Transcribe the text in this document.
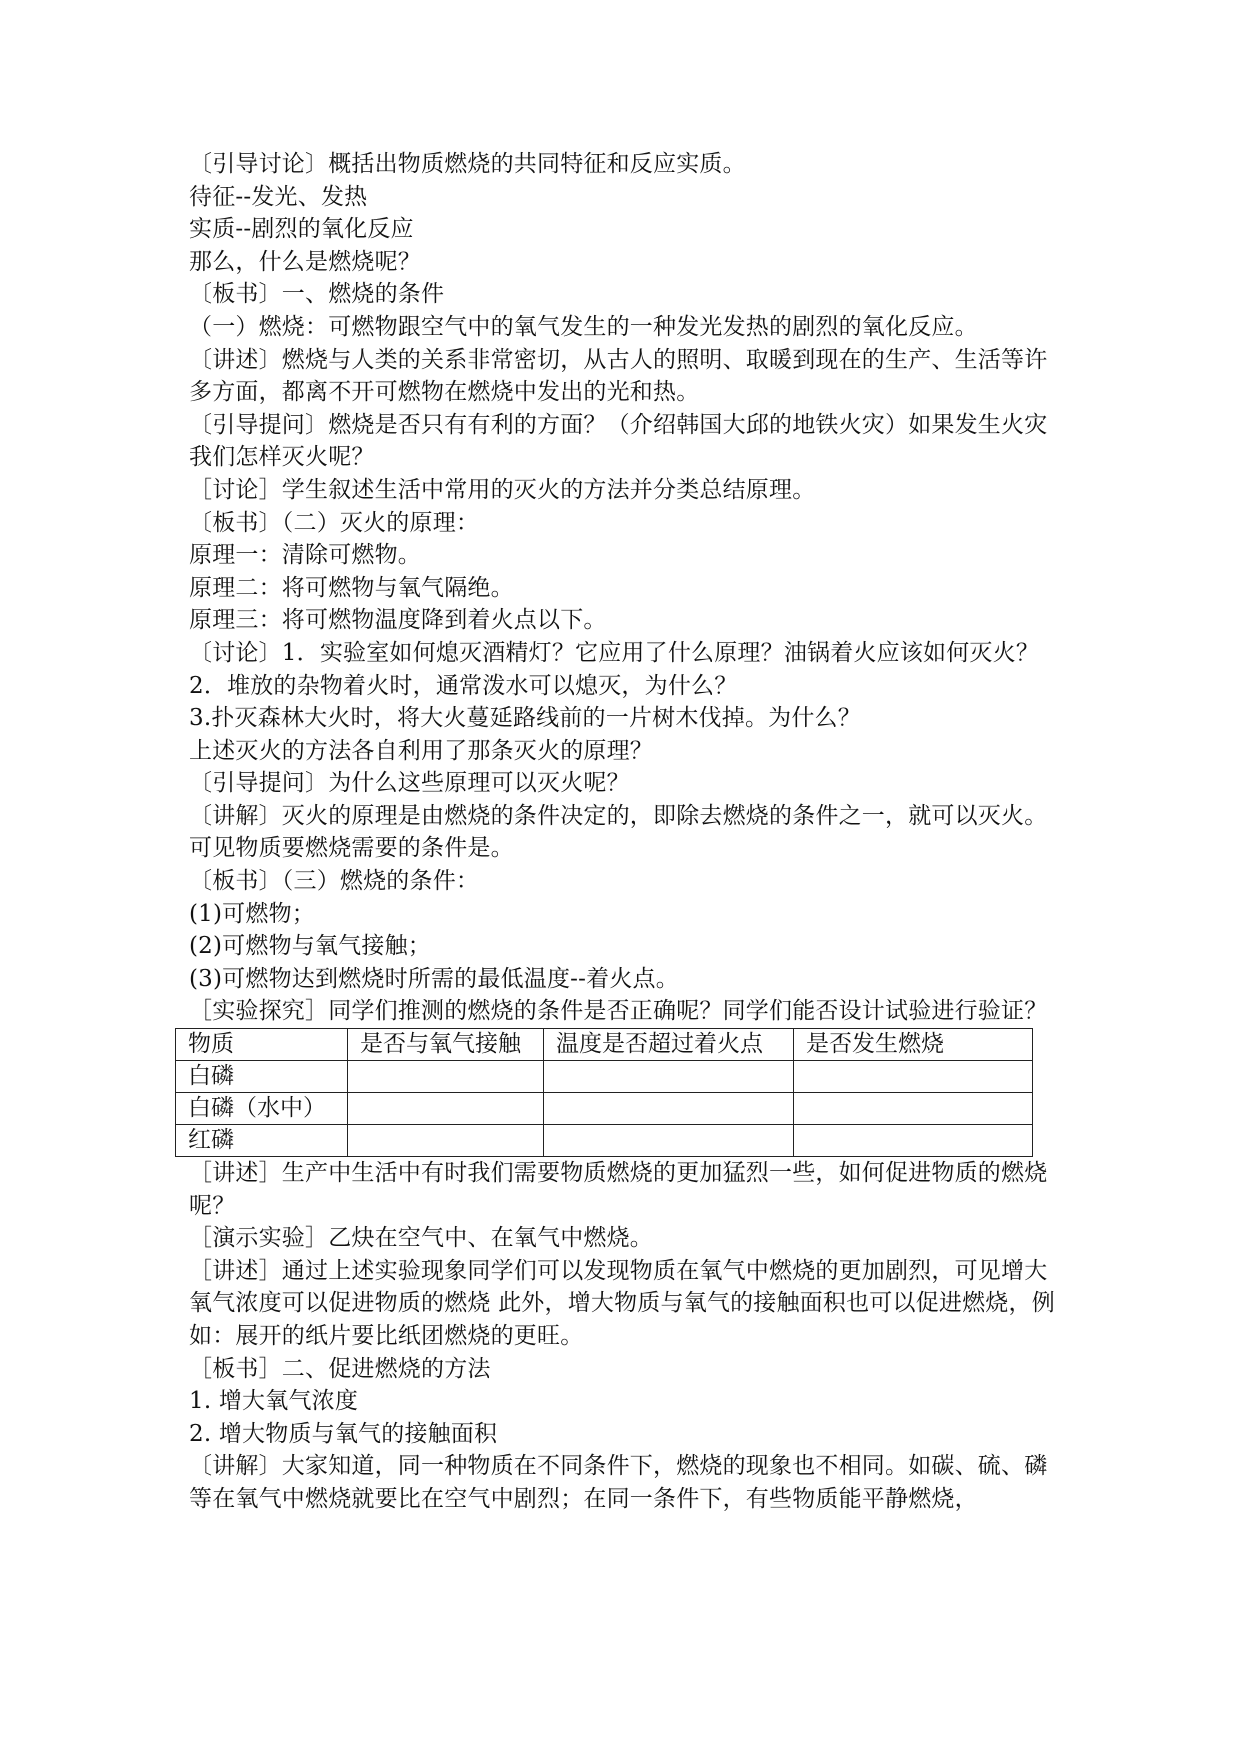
〔引导讨论〕概括出物质燃烧的共同特征和反应实质。

待征--发光、发热

实质--剧烈的氧化反应

那么，什么是燃烧呢？

〔板书〕一、燃烧的条件

（一）燃烧：可燃物跟空气中的氧气发生的一种发光发热的剧烈的氧化反应。

〔讲述〕燃烧与人类的关系非常密切，从古人的照明、取暖到现在的生产、生活等许多方面，都离不开可燃物在燃烧中发出的光和热。

〔引导提问〕燃烧是否只有有利的方面？（介绍韩国大邱的地铁火灾）如果发生火灾我们怎样灭火呢？

［讨论］学生叙述生活中常用的灭火的方法并分类总结原理。

〔板书〕（二）灭火的原理：

原理一：清除可燃物。

原理二：将可燃物与氧气隔绝。

原理三：将可燃物温度降到着火点以下。

〔讨论〕1．实验室如何熄灭酒精灯？它应用了什么原理？油锅着火应该如何灭火？

2．堆放的杂物着火时，通常泼水可以熄灭，为什么？

3.扑灭森林大火时，将大火蔓延路线前的一片树木伐掉。为什么？

上述灭火的方法各自利用了那条灭火的原理？

〔引导提问〕为什么这些原理可以灭火呢？

〔讲解〕灭火的原理是由燃烧的条件决定的，即除去燃烧的条件之一，就可以灭火。可见物质要燃烧需要的条件是。

〔板书〕（三）燃烧的条件：

(1)可燃物；

(2)可燃物与氧气接触；

(3)可燃物达到燃烧时所需的最低温度--着火点。

［实验探究］同学们推测的燃烧的条件是否正确呢？同学们能否设计试验进行验证？

物质	是否与氧气接触	温度是否超过着火点	是否发生燃烧
白磷			
白磷（水中）			
红磷			

［讲述］生产中生活中有时我们需要物质燃烧的更加猛烈一些，如何促进物质的燃烧呢？

［演示实验］乙炔在空气中、在氧气中燃烧。

［讲述］通过上述实验现象同学们可以发现物质在氧气中燃烧的更加剧烈，可见增大氧气浓度可以促进物质的燃烧 此外，增大物质与氧气的接触面积也可以促进燃烧，例如：展开的纸片要比纸团燃烧的更旺。

［板书］二、促进燃烧的方法

1. 增大氧气浓度

2. 增大物质与氧气的接触面积

〔讲解〕大家知道，同一种物质在不同条件下，燃烧的现象也不相同。如碳、硫、磷等在氧气中燃烧就要比在空气中剧烈；在同一条件下，有些物质能平静燃烧，
